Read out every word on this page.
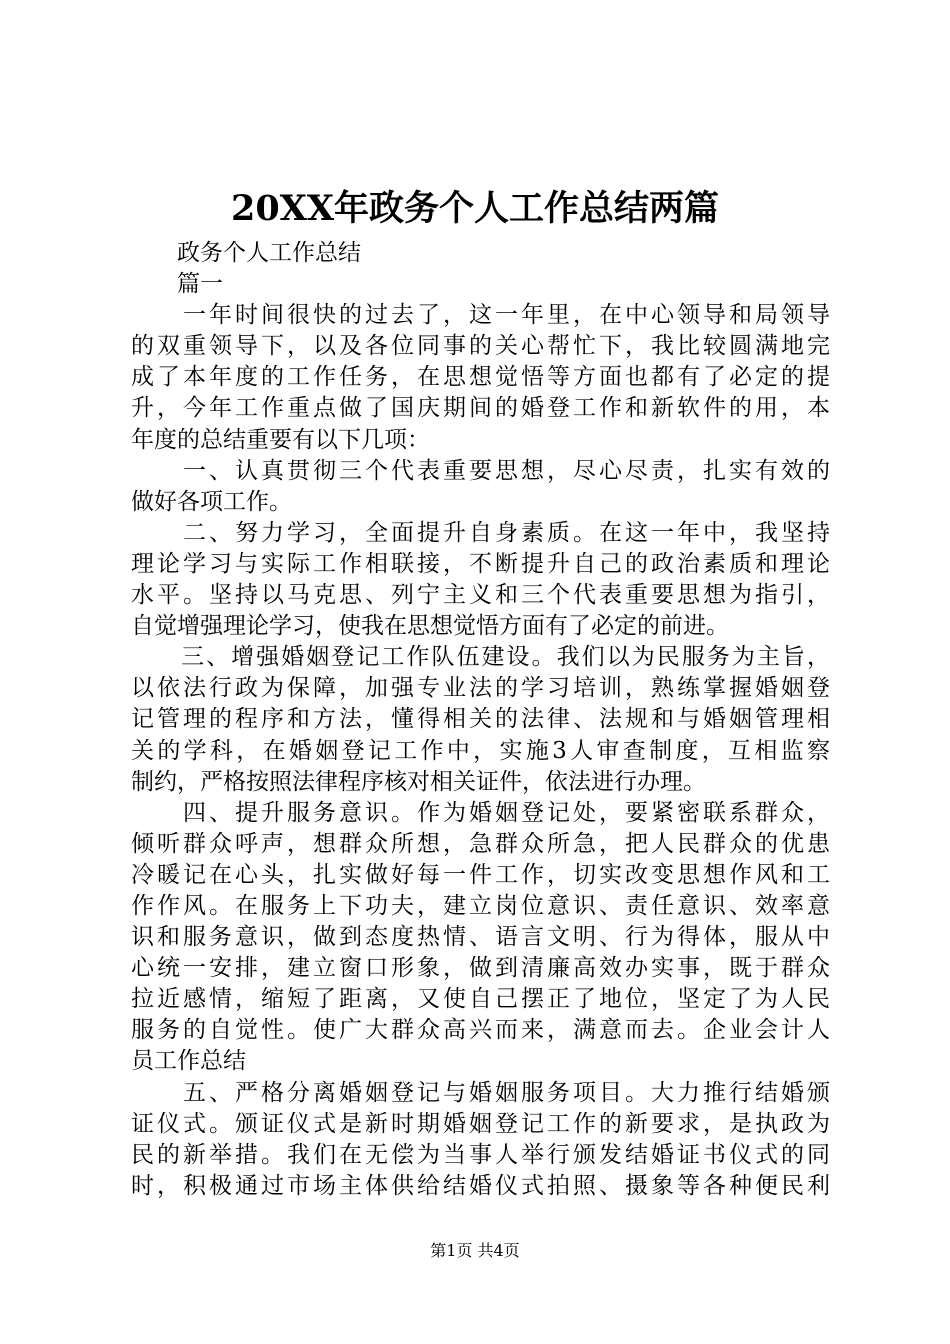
20XX年政务个人工作总结两篇
　　政务个人工作总结
　　篇一
　　一年时间很快的过去了，这一年里，在中心领导和局领导
的双重领导下，以及各位同事的关心帮忙下，我比较圆满地完
成了本年度的工作任务，在思想觉悟等方面也都有了必定的提
升，今年工作重点做了国庆期间的婚登工作和新软件的用，本
年度的总结重要有以下几项：
　　一、认真贯彻三个代表重要思想，尽心尽责，扎实有效的
做好各项工作。
　　二、努力学习，全面提升自身素质。在这一年中，我坚持
理论学习与实际工作相联接，不断提升自己的政治素质和理论
水平。坚持以马克思、列宁主义和三个代表重要思想为指引，
自觉增强理论学习，使我在思想觉悟方面有了必定的前进。
　　三、增强婚姻登记工作队伍建设。我们以为民服务为主旨，
以依法行政为保障，加强专业法的学习培训，熟练掌握婚姻登
记管理的程序和方法，懂得相关的法律、法规和与婚姻管理相
关的学科，在婚姻登记工作中，实施3人审查制度，互相监察
制约，严格按照法律程序核对相关证件，依法进行办理。
　　四、提升服务意识。作为婚姻登记处，要紧密联系群众，
倾听群众呼声，想群众所想，急群众所急，把人民群众的优患
冷暖记在心头，扎实做好每一件工作，切实改变思想作风和工
作作风。在服务上下功夫，建立岗位意识、责任意识、效率意
识和服务意识，做到态度热情、语言文明、行为得体，服从中
心统一安排，建立窗口形象，做到清廉高效办实事，既于群众
拉近感情，缩短了距离，又使自己摆正了地位，坚定了为人民
服务的自觉性。使广大群众高兴而来，满意而去。企业会计人
员工作总结
　　五、严格分离婚姻登记与婚姻服务项目。大力推行结婚颁
证仪式。颁证仪式是新时期婚姻登记工作的新要求，是执政为
民的新举措。我们在无偿为当事人举行颁发结婚证书仪式的同
时，积极通过市场主体供给结婚仪式拍照、摄象等各种便民利
第1页 共4页
